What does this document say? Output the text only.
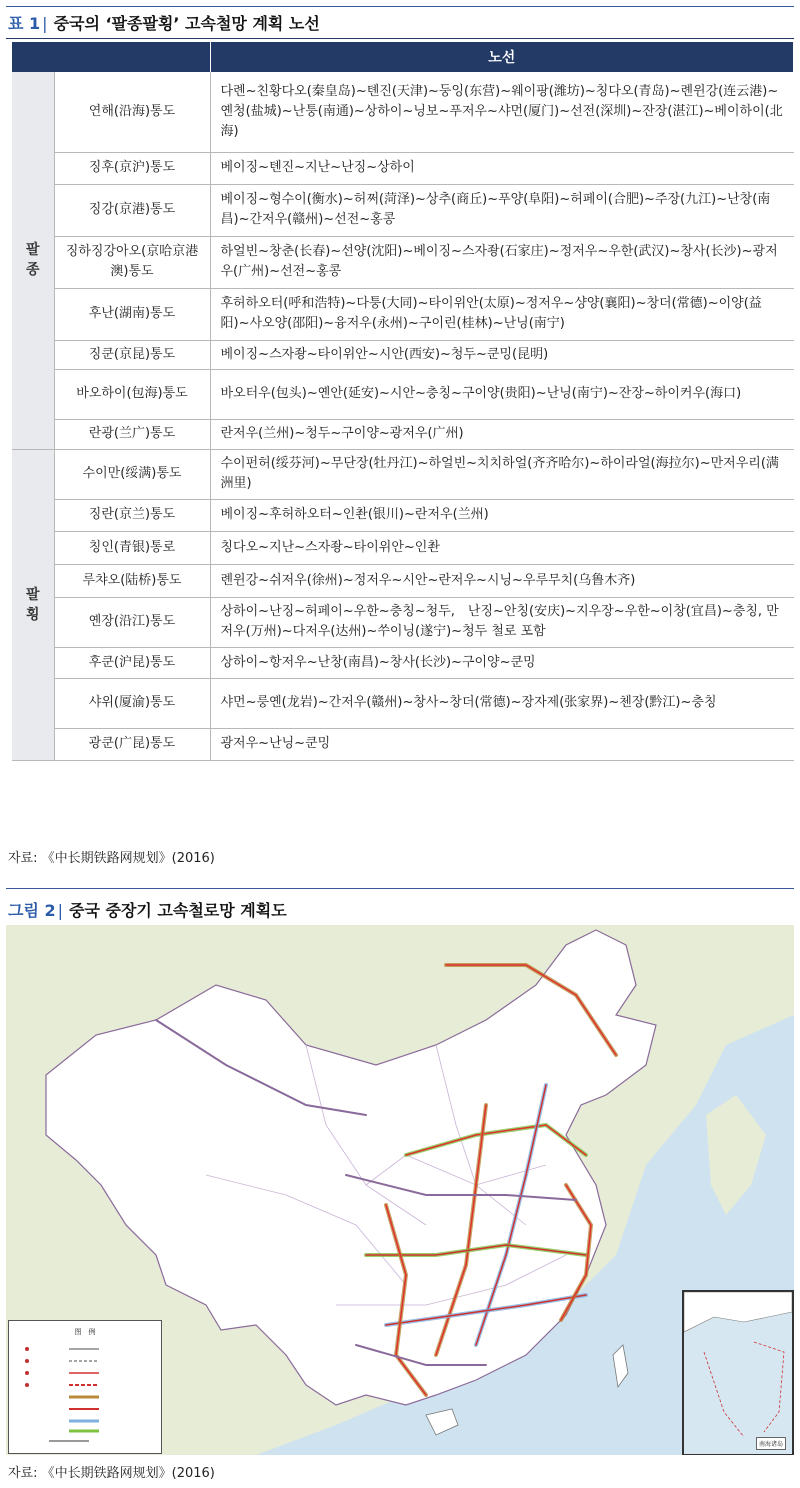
표 1 | 중국의 ‘팔종팔횡’ 고속철망 계획 노선
		노선

팔종	연해(沿海)통도	다롄~친황다오(秦皇岛)~톈진(天津)~둥잉(东营)~웨이팡(潍坊)~칭다오(青岛)~롄윈강(连云港)~옌청(盐城)~난퉁(南通)~상하이~닝보~푸저우~샤먼(厦门)~선전(深圳)~잔장(湛江)~베이하이(北海)
	징후(京沪)통도	베이징~톈진~지난~난징~상하이
	징강(京港)통도	베이징~형수이(衡水)~허쩌(菏泽)~상추(商丘)~푸양(阜阳)~허페이(合肥)~주장(九江)~난창(南昌)~간저우(赣州)~선전~홍콩
	징하징강아오(京哈京港澳)통도	하얼빈~창춘(长春)~선양(沈阳)~베이징~스자좡(石家庄)~정저우~우한(武汉)~창사(长沙)~광저우(广州)~선전~홍콩
	후난(湖南)통도	후허하오터(呼和浩特)~다퉁(大同)~타이위안(太原)~정저우~샹양(襄阳)~창더(常德)~이양(益阳)~사오양(邵阳)~융저우(永州)~구이린(桂林)~난닝(南宁)
	징쿤(京昆)통도	베이징~스자좡~타이위안~시안(西安)~청두~쿤밍(昆明)
	바오하이(包海)통도	바오터우(包头)~옌안(延安)~시안~충칭~구이양(贵阳)~난닝(南宁)~잔장~하이커우(海口)
	란광(兰广)통도	란저우(兰州)~청두~구이양~광저우(广州)

팔횡	수이만(绥满)통도	수이펀허(绥芬河)~무단장(牡丹江)~하얼빈~치치하얼(齐齐哈尔)~하이라얼(海拉尔)~만저우리(满洲里)
	징란(京兰)통도	베이징~후허하오터~인촨(银川)~란저우(兰州)
	칭인(青银)통로	칭다오~지난~스자좡~타이위안~인촨
	루챠오(陆桥)통도	롄윈강~쉬저우(徐州)~정저우~시안~란저우~시닝~우루무치(乌鲁木齐)
	옌장(沿江)통도	상하이~난징~허페이~우한~충칭~청두,　난징~안칭(安庆)~지우장~우한~이창(宜昌)~충칭, 만저우(万州)~다저우(达州)~쑤이닝(遂宁)~청두 철로 포함
	후쿤(沪昆)통도	상하이~항저우~난창(南昌)~창사(长沙)~구이양~쿤밍
	샤위(厦渝)통도	샤먼~룽옌(龙岩)~간저우(赣州)~창사~창더(常德)~장자제(张家界)~첸장(黔江)~충칭
	광쿤(广昆)통도	광저우~난닝~쿤밍
자료: 《中长期铁路网规划》(2016)
그림 2 | 중국 중장기 고속철로망 계획도
图　例
南海诸岛
자료: 《中长期铁路网规划》(2016)
